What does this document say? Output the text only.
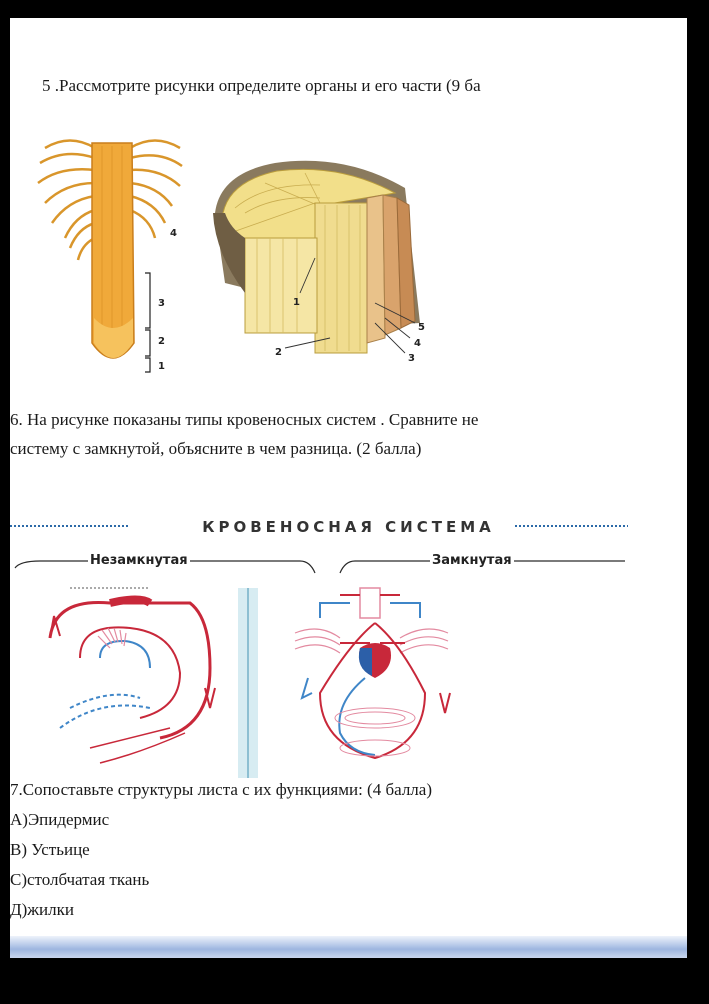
5 .Рассмотрите рисунки определите органы и его части (9 ба
4
3
2
1
1
2
5
4
3
6. На рисунке показаны типы кровеносных систем . Сравните не
систему с замкнутой, объясните в чем разница. (2 балла)
КРОВЕНОСНАЯ СИСТЕМА
Незамкнутая	Замкнутая
7.Сопоставьте структуры листа с их функциями: (4 балла)
А)Эпидермис
В) Устьице
С)столбчатая ткань
Д)жилки
